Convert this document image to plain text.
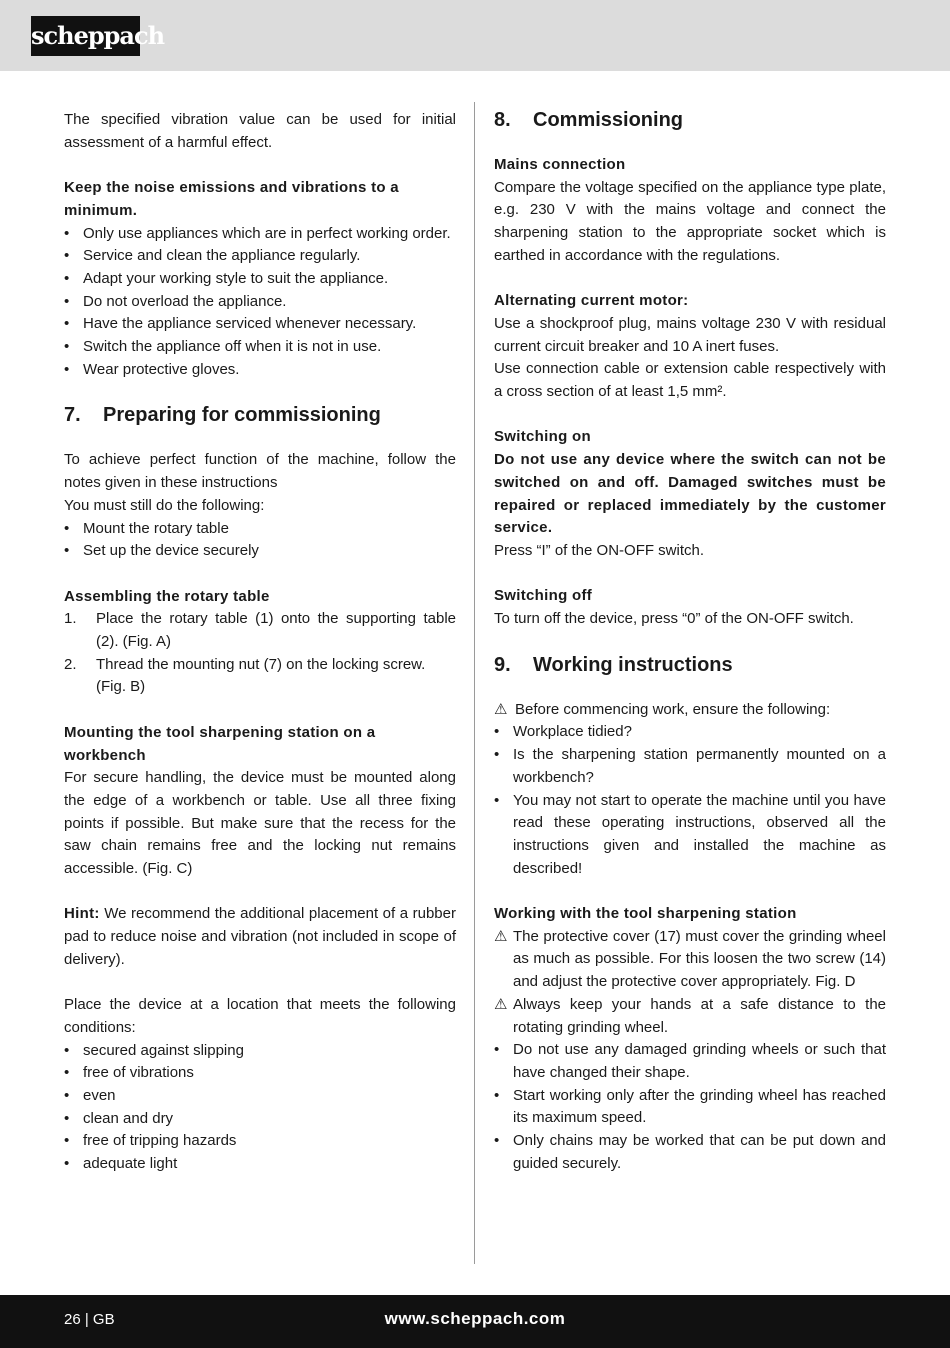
scheppach

The specified vibration value can be used for initial assessment of a harmful effect.

Keep the noise emissions and vibrations to a minimum.

• Only use appliances which are in perfect working order.
• Service and clean the appliance regularly.
• Adapt your working style to suit the appliance.
• Do not overload the appliance.
• Have the appliance serviced whenever necessary.
• Switch the appliance off when it is not in use.
• Wear protective gloves.
7.	Preparing for commissioning

To achieve perfect function of the machine, follow the notes given in these instructions

You must still do the following:

• Mount the rotary table
• Set up the device securely

Assembling the rotary table

1. Place the rotary table (1) onto the supporting table (2). (Fig. A)
2. Thread the mounting nut (7) on the locking screw. (Fig. B)

Mounting the tool sharpening station on a workbench

For secure handling, the device must be mounted along the edge of a workbench or table. Use all three fixing points if possible. But make sure that the recess for the saw chain remains free and the locking nut remains accessible. (Fig. C)

Hint: We recommend the additional placement of a rubber pad to reduce noise and vibration (not included in scope of delivery).

Place the device at a location that meets the following conditions:

• secured against slipping
• free of vibrations
• even
• clean and dry
• free of tripping hazards
• adequate light
8.	Commissioning

Mains connection

Compare the voltage specified on the appliance type plate, e.g. 230 V with the mains voltage and connect the sharpening station to the appropriate socket which is earthed in accordance with the regulations.

Alternating current motor:

Use a shockproof plug, mains voltage 230 V with residual current circuit breaker and 10 A inert fuses.

Use connection cable or extension cable respectively with a cross section of at least 1,5 mm².

Switching on

Do not use any device where the switch can not be switched on and off. Damaged switches must be repaired or replaced immediately by the customer service.

Press “I” of the ON-OFF switch.

Switching off

To turn off the device, press “0” of the ON-OFF switch.

9.	Working instructions

⚠ Before commencing work, ensure the following:

• Workplace tidied?
• Is the sharpening station permanently mounted on a workbench?
• You may not start to operate the machine until you have read these operating instructions, observed all the instructions given and installed the machine as described!

Working with the tool sharpening station

⚠ The protective cover (17) must cover the grinding wheel as much as possible. For this loosen the two screw (14) and adjust the protective cover appropriately. Fig. D
⚠ Always keep your hands at a safe distance to the rotating grinding wheel.
• Do not use any damaged grinding wheels or such that have changed their shape.
• Start working only after the grinding wheel has reached its maximum speed.
• Only chains may be worked that can be put down and guided securely.
26 | GB	www.scheppach.com
